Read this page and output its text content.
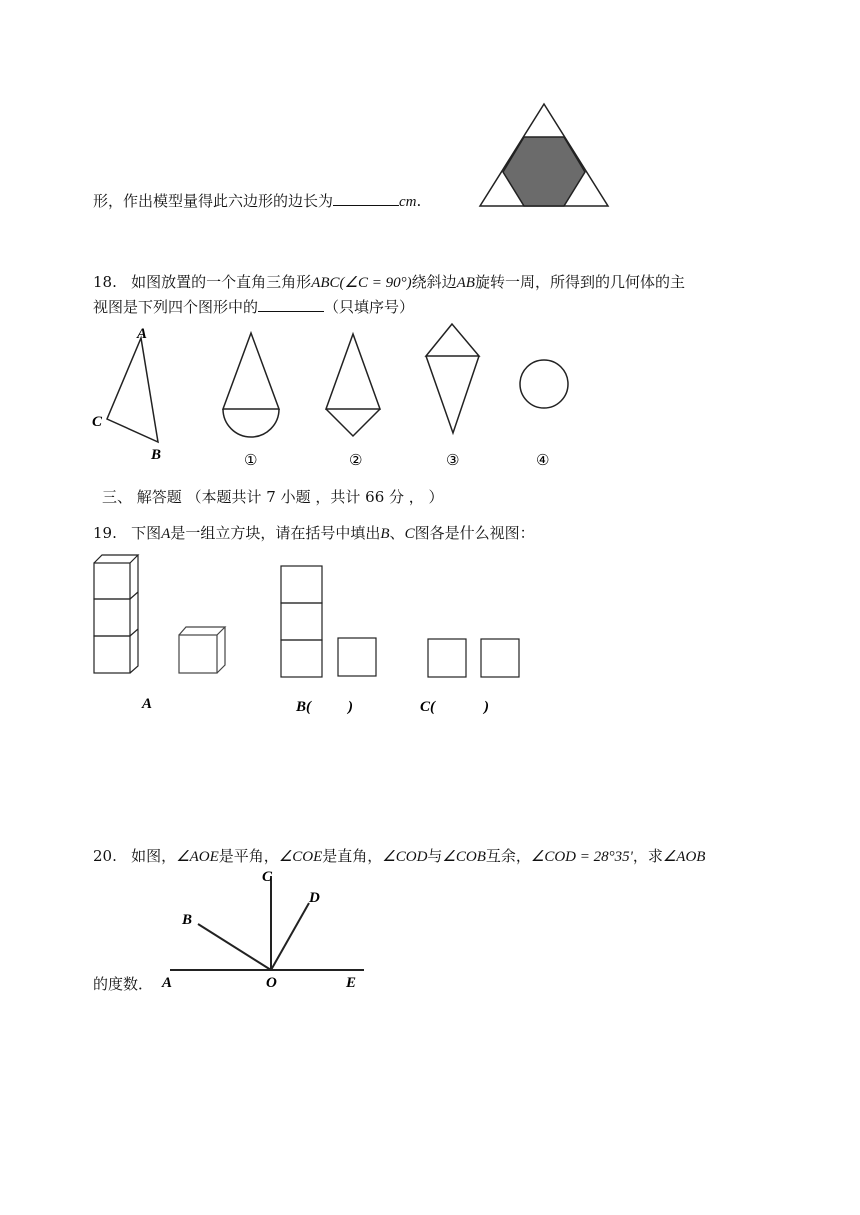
形，作出模型量得此六边形的边长为	cm.
18. 如图放置的一个直角三角形ABC(∠C = 90°)绕斜边AB旋转一周，所得到的几何体的主
视图是下列四个图形中的	（只填序号）
A
C
B	①	②	③	④
三、 解答题 （本题共计 7 小题 ，共计 66 分 ， ）
19. 下图A是一组立方块，请在括号中填出B、C图各是什么视图：
A	B( )	C(	)
20. 如图，∠AOE是平角，∠COE是直角，∠COD与∠COB互余，∠COD = 28°35'，求∠AOB
的度数．
C
D
B
A	O	E
